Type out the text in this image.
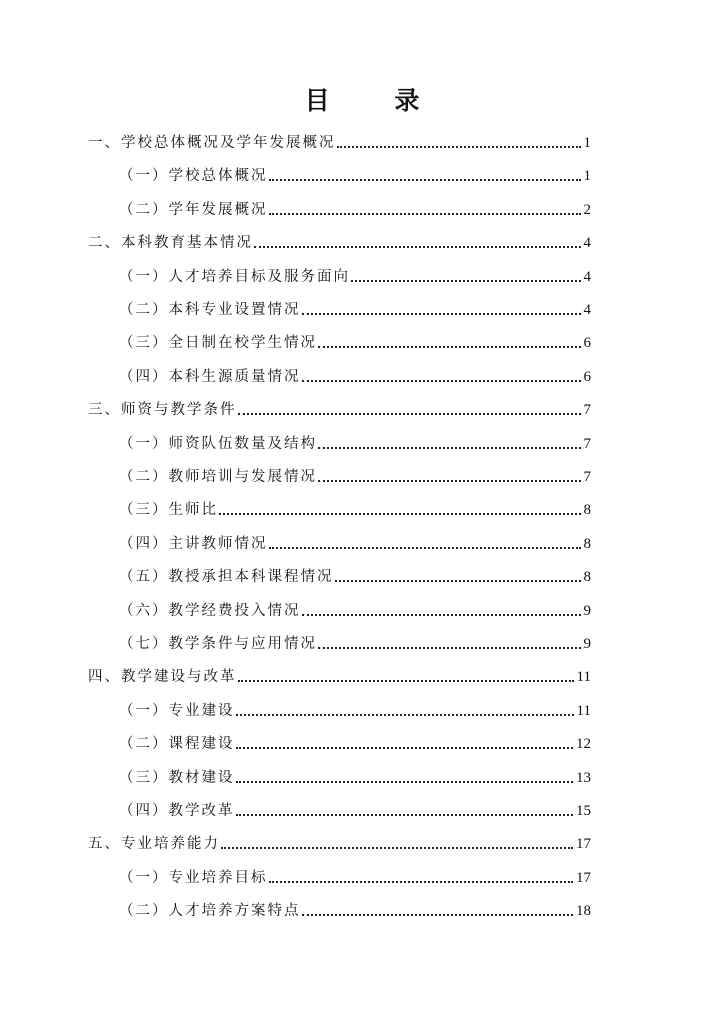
目 录
一、学校总体概况及学年发展概况	1
（一）学校总体概况	1
（二）学年发展概况	2
二、本科教育基本情况	4
（一）人才培养目标及服务面向	4
（二）本科专业设置情况	4
（三）全日制在校学生情况	6
（四）本科生源质量情况	6
三、师资与教学条件	7
（一）师资队伍数量及结构	7
（二）教师培训与发展情况	7
（三）生师比	8
（四）主讲教师情况	8
（五）教授承担本科课程情况	8
（六）教学经费投入情况	9
（七）教学条件与应用情况	9
四、教学建设与改革	11
（一）专业建设	11
（二）课程建设	12
（三）教材建设	13
（四）教学改革	15
五、专业培养能力	17
（一）专业培养目标	17
（二）人才培养方案特点	18
